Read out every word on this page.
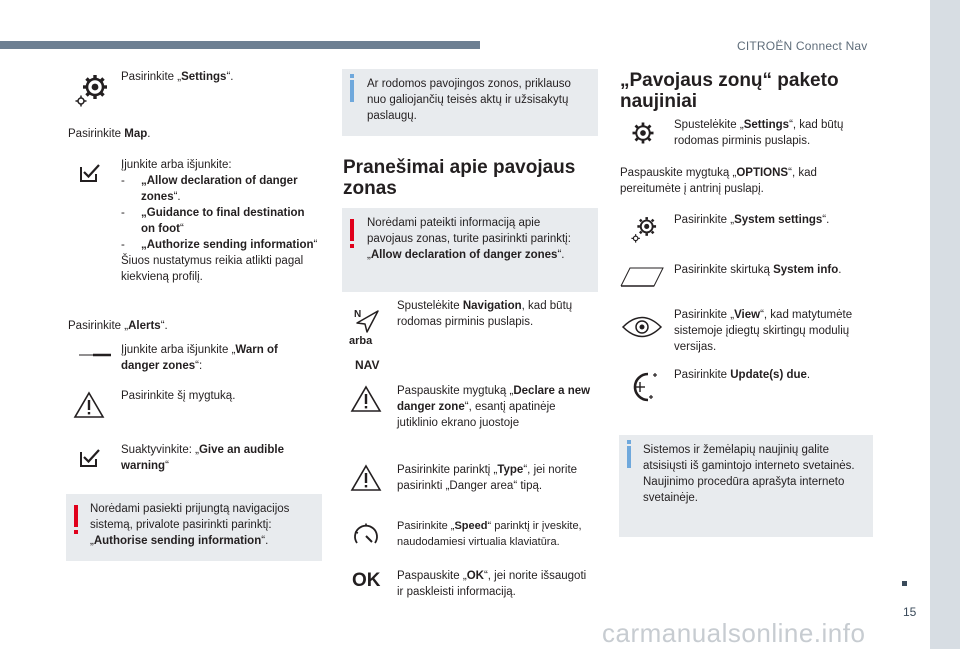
CITROËN Connect Nav
15
carmanualsonline.info
Pasirinkite „Settings“.
Pasirinkite Map.
Įjunkite arba išjunkite:
- „Allow declaration of danger zones“.
- „Guidance to final destination on foot“
- „Authorize sending information“
Šiuos nustatymus reikia atlikti pagal kiekvieną profilį.
Pasirinkite „Alerts“.
Įjunkite arba išjunkite „Warn of danger zones“:
Pasirinkite šį mygtuką.
Suaktyvinkite: „Give an audible warning“
Norėdami pasiekti prijungtą navigacijos sistemą, privalote pasirinkti parinktį: „Authorise sending information“.
Ar rodomos pavojingos zonos, priklauso nuo galiojančių teisės aktų ir užsisakytų paslaugų.
Pranešimai apie pavojaus zonas
Norėdami pateikti informaciją apie pavojaus zonas, turite pasirinkti parinktį: „Allow declaration of danger zones“.
N
arba
NAV
Spustelėkite Navigation, kad būtų rodomas pirminis puslapis.
Paspauskite mygtuką „Declare a new danger zone“, esantį apatinėje jutiklinio ekrano juostoje
Pasirinkite parinktį „Type“, jei norite pasirinkti „Danger area“ tipą.
Pasirinkite „Speed“ parinktį ir įveskite, naudodamiesi virtualia klaviatūra.
OK Paspauskite „OK“, jei norite išsaugoti ir paskleisti informaciją.
„Pavojaus zonų“ paketo naujiniai
Spustelėkite „Settings“, kad būtų rodomas pirminis puslapis.
Paspauskite mygtuką „OPTIONS“, kad pereitumėte į antrinį puslapį.
Pasirinkite „System settings“.
Pasirinkite skirtuką System info.
Pasirinkite „View“, kad matytumėte sistemoje įdiegtų skirtingų modulių versijas.
Pasirinkite Update(s) due.
Sistemos ir žemėlapių naujinių galite atsisiųsti iš gamintojo interneto svetainės. Naujinimo procedūra aprašyta interneto svetainėje.
